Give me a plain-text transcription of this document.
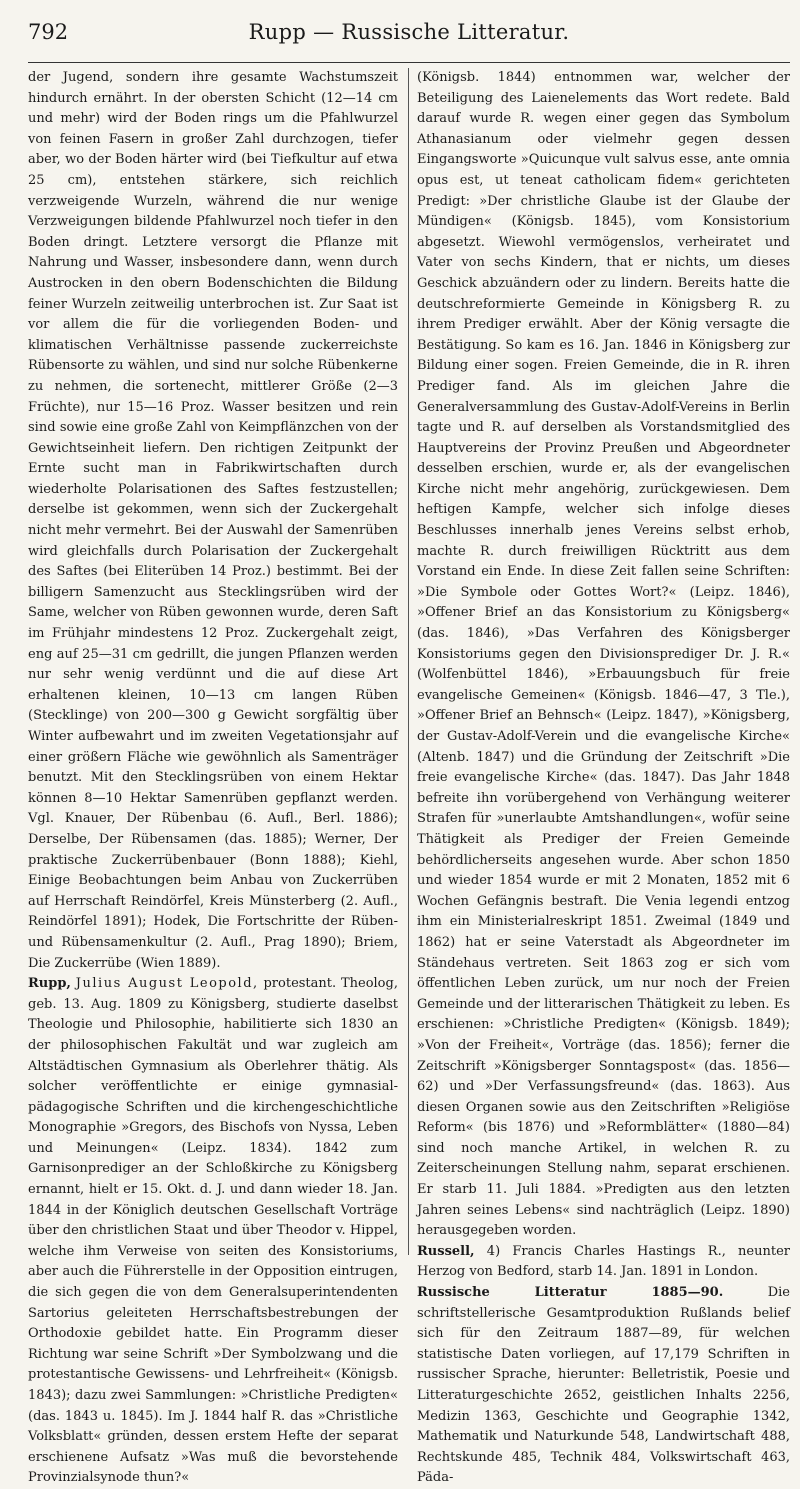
792	Rupp — Russische Litteratur.

der Jugend, sondern ihre gesamte Wachstumszeit hindurch ernährt. In der obersten Schicht (12—14 cm und mehr) wird der Boden rings um die Pfahlwurzel von feinen Fasern in großer Zahl durchzogen, tiefer aber, wo der Boden härter wird (bei Tiefkultur auf etwa 25 cm), entstehen stärkere, sich reichlich verzweigende Wurzeln, während die nur wenige Verzweigungen bildende Pfahlwurzel noch tiefer in den Boden dringt. Letztere versorgt die Pflanze mit Nahrung und Wasser, insbesondere dann, wenn durch Austrocken in den obern Bodenschichten die Bildung feiner Wurzeln zeitweilig unterbrochen ist. Zur Saat ist vor allem die für die vorliegenden Boden- und klimatischen Verhältnisse passende zuckerreichste Rübensorte zu wählen, und sind nur solche Rübenkerne zu nehmen, die sortenecht, mittlerer Größe (2—3 Früchte), nur 15—16 Proz. Wasser besitzen und rein sind sowie eine große Zahl von Keimpflänzchen von der Gewichtseinheit liefern. Den richtigen Zeitpunkt der Ernte sucht man in Fabrikwirtschaften durch wiederholte Polarisationen des Saftes festzustellen; derselbe ist gekommen, wenn sich der Zuckergehalt nicht mehr vermehrt. Bei der Auswahl der Samenrüben wird gleichfalls durch Polarisation der Zuckergehalt des Saftes (bei Eliterüben 14 Proz.) bestimmt. Bei der billigern Samenzucht aus Stecklingsrüben wird der Same, welcher von Rüben gewonnen wurde, deren Saft im Frühjahr mindestens 12 Proz. Zuckergehalt zeigt, eng auf 25—31 cm gedrillt, die jungen Pflanzen werden nur sehr wenig verdünnt und die auf diese Art erhaltenen kleinen, 10—13 cm langen Rüben (Stecklinge) von 200—300 g Gewicht sorgfältig über Winter aufbewahrt und im zweiten Vegetationsjahr auf einer größern Fläche wie gewöhnlich als Samenträger benutzt. Mit den Stecklingsrüben von einem Hektar können 8—10 Hektar Samenrüben gepflanzt werden. Vgl. Knauer, Der Rübenbau (6. Aufl., Berl. 1886); Derselbe, Der Rübensamen (das. 1885); Werner, Der praktische Zuckerrübenbauer (Bonn 1888); Kiehl, Einige Beobachtungen beim Anbau von Zuckerrüben auf Herrschaft Reindörfel, Kreis Münsterberg (2. Aufl., Reindörfel 1891); Hodek, Die Fortschritte der Rüben- und Rübensamenkultur (2. Aufl., Prag 1890); Briem, Die Zuckerrübe (Wien 1889).

Rupp, Julius August Leopold, protestant. Theolog, geb. 13. Aug. 1809 zu Königsberg, studierte daselbst Theologie und Philosophie, habilitierte sich 1830 an der philosophischen Fakultät und war zugleich am Altstädtischen Gymnasium als Oberlehrer thätig. Als solcher veröffentlichte er einige gymnasial-pädagogische Schriften und die kirchengeschichtliche Monographie »Gregors, des Bischofs von Nyssa, Leben und Meinungen« (Leipz. 1834). 1842 zum Garnisonprediger an der Schloßkirche zu Königsberg ernannt, hielt er 15. Okt. d. J. und dann wieder 18. Jan. 1844 in der Königlich deutschen Gesellschaft Vorträge über den christlichen Staat und über Theodor v. Hippel, welche ihm Verweise von seiten des Konsistoriums, aber auch die Führerstelle in der Opposition eintrugen, die sich gegen die von dem Generalsuperintendenten Sartorius geleiteten Herrschaftsbestrebungen der Orthodoxie gebildet hatte. Ein Programm dieser Richtung war seine Schrift »Der Symbolzwang und die protestantische Gewissens- und Lehrfreiheit« (Königsb. 1843); dazu zwei Sammlungen: »Christliche Predigten« (das. 1843 u. 1845). Im J. 1844 half R. das »Christliche Volksblatt« gründen, dessen erstem Hefte der separat erschienene Aufsatz »Was muß die bevorstehende Provinzialsynode thun?«

(Königsb. 1844) entnommen war, welcher der Beteiligung des Laienelements das Wort redete. Bald darauf wurde R. wegen einer gegen das Symbolum Athanasianum oder vielmehr gegen dessen Eingangsworte »Quicunque vult salvus esse, ante omnia opus est, ut teneat catholicam fidem« gerichteten Predigt: »Der christliche Glaube ist der Glaube der Mündigen« (Königsb. 1845), vom Konsistorium abgesetzt. Wiewohl vermögenslos, verheiratet und Vater von sechs Kindern, that er nichts, um dieses Geschick abzuändern oder zu lindern. Bereits hatte die deutschreformierte Gemeinde in Königsberg R. zu ihrem Prediger erwählt. Aber der König versagte die Bestätigung. So kam es 16. Jan. 1846 in Königsberg zur Bildung einer sogen. Freien Gemeinde, die in R. ihren Prediger fand. Als im gleichen Jahre die Generalversammlung des Gustav-Adolf-Vereins in Berlin tagte und R. auf derselben als Vorstandsmitglied des Hauptvereins der Provinz Preußen und Abgeordneter desselben erschien, wurde er, als der evangelischen Kirche nicht mehr angehörig, zurückgewiesen. Dem heftigen Kampfe, welcher sich infolge dieses Beschlusses innerhalb jenes Vereins selbst erhob, machte R. durch freiwilligen Rücktritt aus dem Vorstand ein Ende. In diese Zeit fallen seine Schriften: »Die Symbole oder Gottes Wort?« (Leipz. 1846), »Offener Brief an das Konsistorium zu Königsberg« (das. 1846), »Das Verfahren des Königsberger Konsistoriums gegen den Divisionsprediger Dr. J. R.« (Wolfenbüttel 1846), »Erbauungsbuch für freie evangelische Gemeinen« (Königsb. 1846—47, 3 Tle.), »Offener Brief an Behnsch« (Leipz. 1847), »Königsberg, der Gustav-Adolf-Verein und die evangelische Kirche« (Altenb. 1847) und die Gründung der Zeitschrift »Die freie evangelische Kirche« (das. 1847). Das Jahr 1848 befreite ihn vorübergehend von Verhängung weiterer Strafen für »unerlaubte Amtshandlungen«, wofür seine Thätigkeit als Prediger der Freien Gemeinde behördlicherseits angesehen wurde. Aber schon 1850 und wieder 1854 wurde er mit 2 Monaten, 1852 mit 6 Wochen Gefängnis bestraft. Die Venia legendi entzog ihm ein Ministerialreskript 1851. Zweimal (1849 und 1862) hat er seine Vaterstadt als Abgeordneter im Ständehaus vertreten. Seit 1863 zog er sich vom öffentlichen Leben zurück, um nur noch der Freien Gemeinde und der litterarischen Thätigkeit zu leben. Es erschienen: »Christliche Predigten« (Königsb. 1849); »Von der Freiheit«, Vorträge (das. 1856); ferner die Zeitschrift »Königsberger Sonntagspost« (das. 1856—62) und »Der Verfassungsfreund« (das. 1863). Aus diesen Organen sowie aus den Zeitschriften »Religiöse Reform« (bis 1876) und »Reformblätter« (1880—84) sind noch manche Artikel, in welchen R. zu Zeiterscheinungen Stellung nahm, separat erschienen. Er starb 11. Juli 1884. »Predigten aus den letzten Jahren seines Lebens« sind nachträglich (Leipz. 1890) herausgegeben worden.

Russell, 4) Francis Charles Hastings R., neunter Herzog von Bedford, starb 14. Jan. 1891 in London.

Russische Litteratur 1885—90.	Die schriftstellerische Gesamtproduktion Rußlands belief sich für den Zeitraum 1887—89, für welchen statistische Daten vorliegen, auf 17,179 Schriften in russischer Sprache, hierunter: Belletristik, Poesie und Litteraturgeschichte 2652, geistlichen Inhalts 2256, Medizin 1363, Geschichte und Geographie 1342, Mathematik und Naturkunde 548, Landwirtschaft 488, Rechtskunde 485, Technik 484, Volkswirtschaft 463, Päda-
